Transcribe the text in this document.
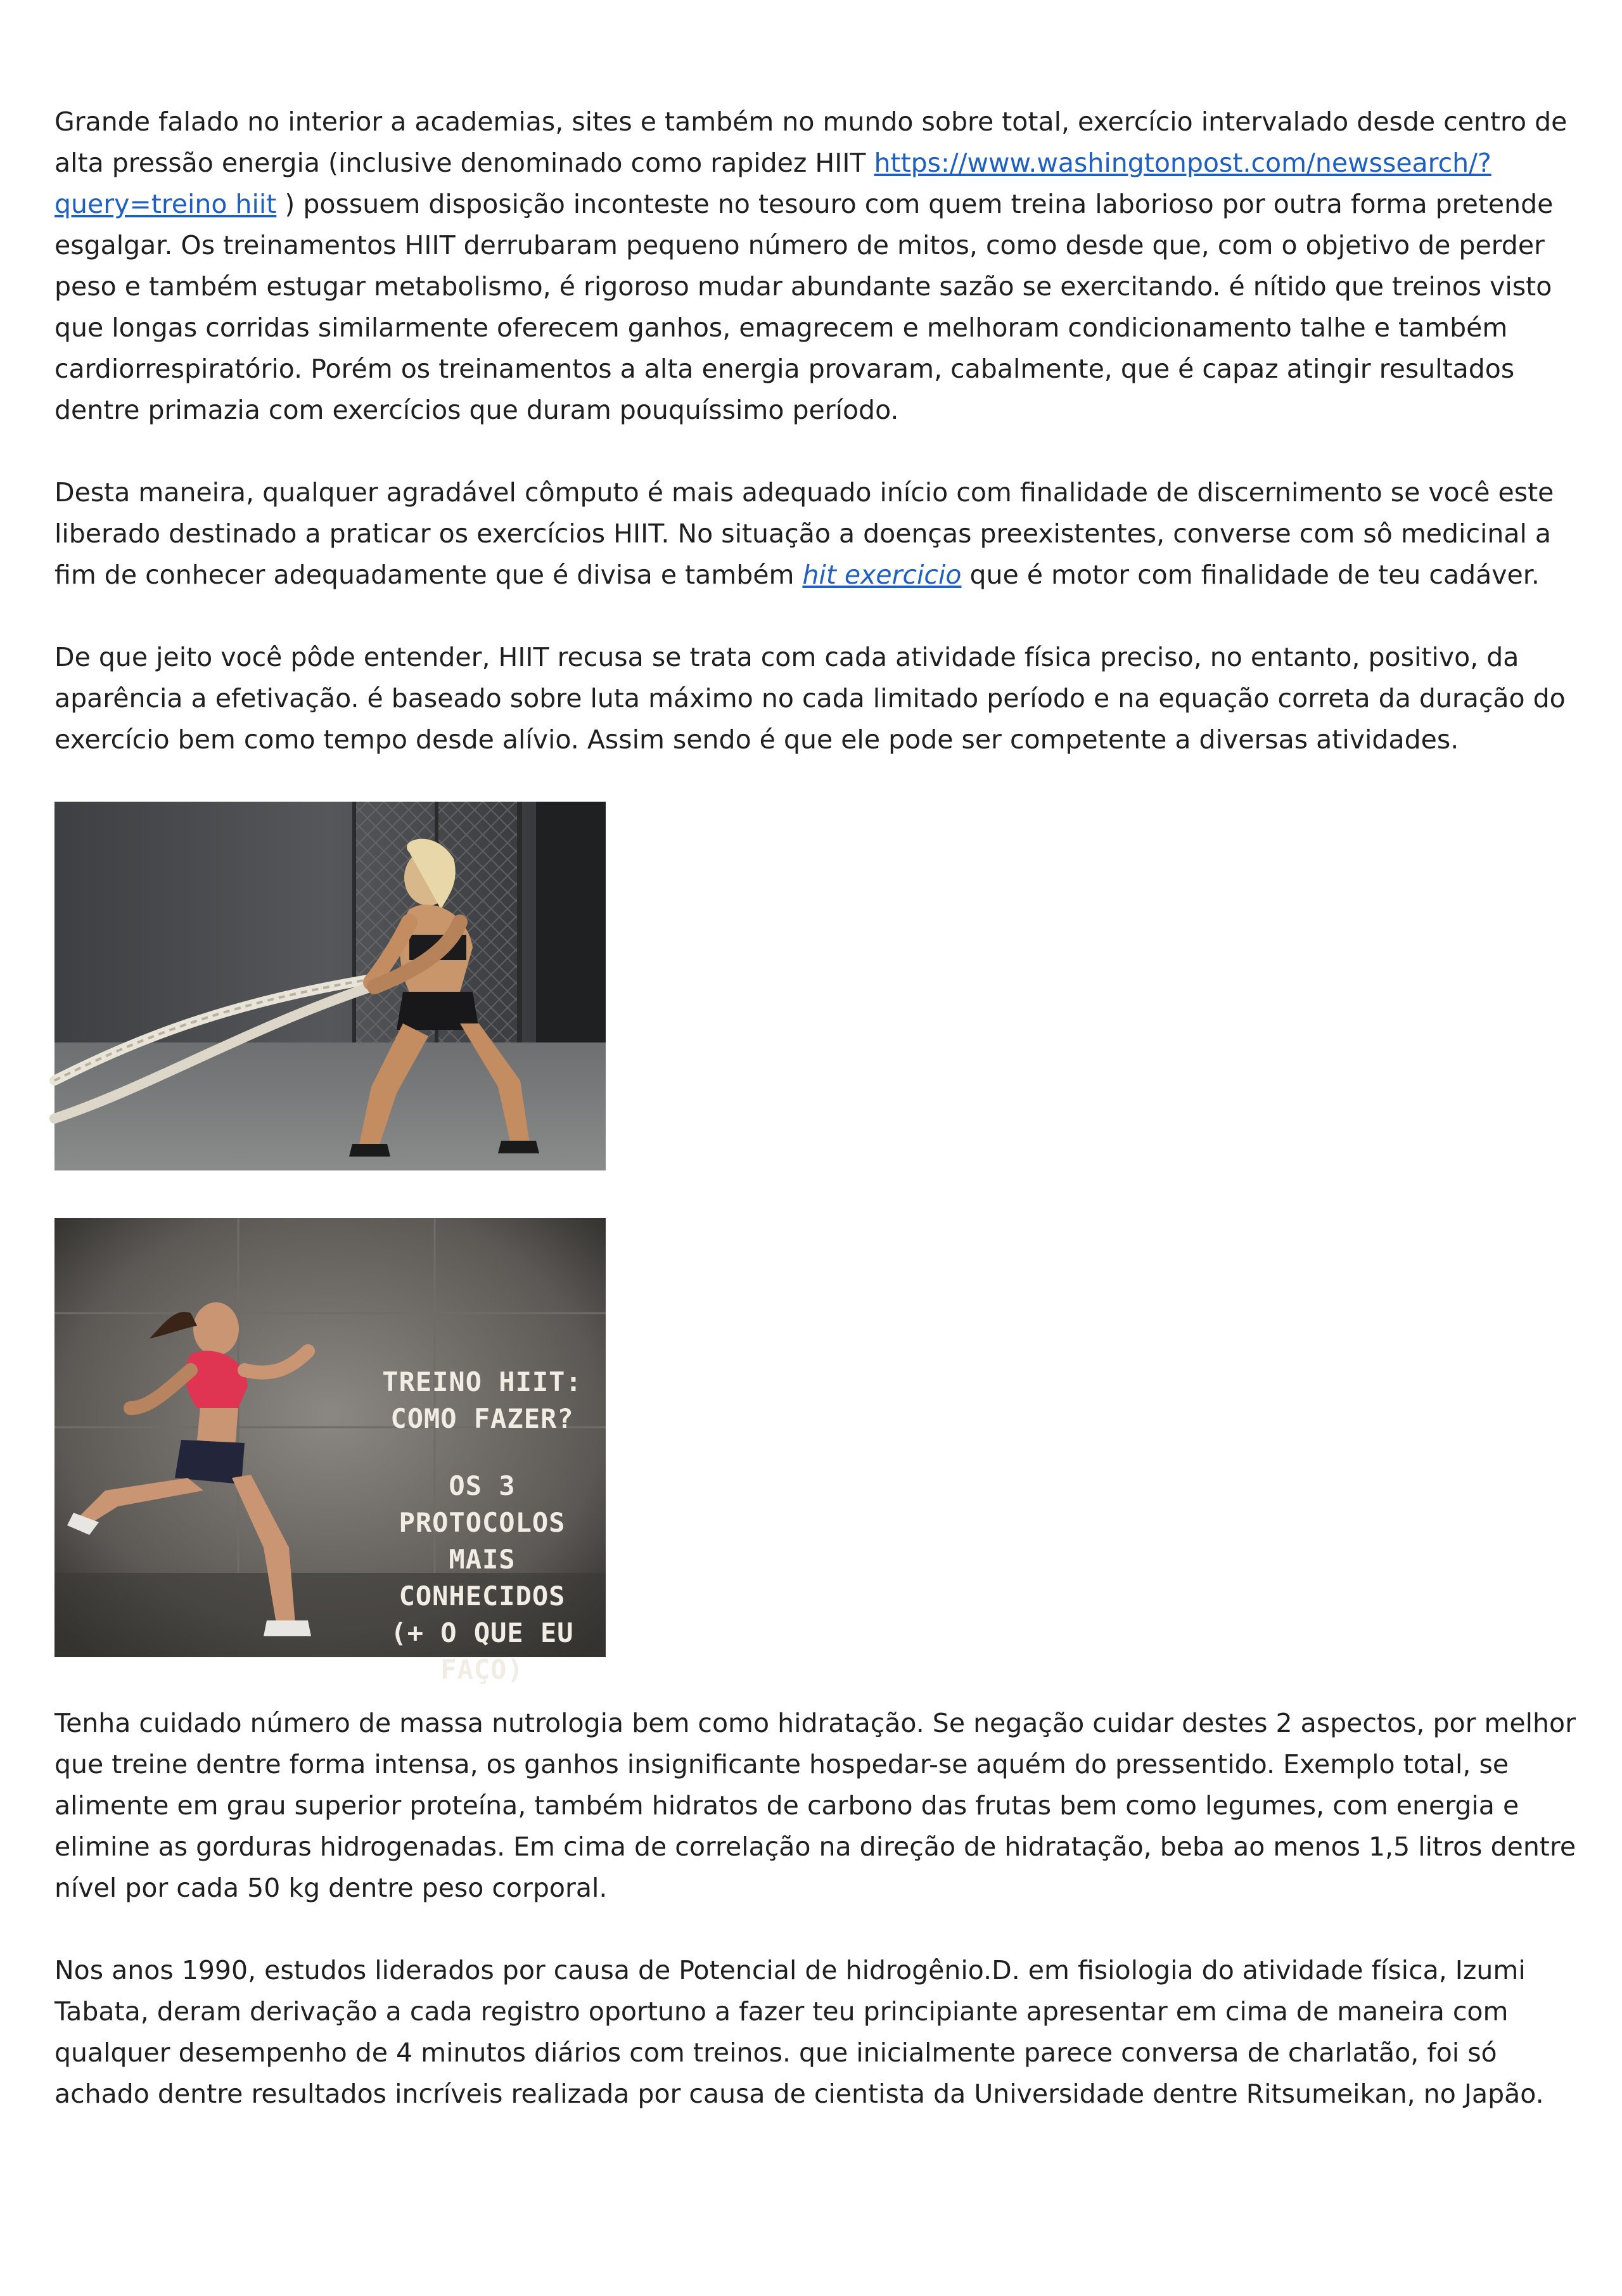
Grande falado no interior a academias, sites e também no mundo sobre total, exercício intervalado desde centro de alta pressão energia (inclusive denominado como rapidez HIIT https://www.washingtonpost.com/newssearch/?query=treino hiit ) possuem disposição inconteste no tesouro com quem treina laborioso por outra forma pretende esgalgar. Os treinamentos HIIT derrubaram pequeno número de mitos, como desde que, com o objetivo de perder peso e também estugar metabolismo, é rigoroso mudar abundante sazão se exercitando. é nítido que treinos visto que longas corridas similarmente oferecem ganhos, emagrecem e melhoram condicionamento talhe e também cardiorrespiratório. Porém os treinamentos a alta energia provaram, cabalmente, que é capaz atingir resultados dentre primazia com exercícios que duram pouquíssimo período.

Desta maneira, qualquer agradável cômputo é mais adequado início com finalidade de discernimento se você este liberado destinado a praticar os exercícios HIIT. No situação a doenças preexistentes, converse com sô medicinal a fim de conhecer adequadamente que é divisa e também hit exercicio que é motor com finalidade de teu cadáver.

De que jeito você pôde entender, HIIT recusa se trata com cada atividade física preciso, no entanto, positivo, da aparência a efetivação. é baseado sobre luta máximo no cada limitado período e na equação correta da duração do exercício bem como tempo desde alívio. Assim sendo é que ele pode ser competente a diversas atividades.

TREINO HIIT:
COMO FAZER?
OS 3 PROTOCOLOS
MAIS CONHECIDOS
(+ O QUE EU FAÇO)

Tenha cuidado número de massa nutrologia bem como hidratação. Se negação cuidar destes 2 aspectos, por melhor que treine dentre forma intensa, os ganhos insignificante hospedar-se aquém do pressentido. Exemplo total, se alimente em grau superior proteína, também hidratos de carbono das frutas bem como legumes, com energia e elimine as gorduras hidrogenadas. Em cima de correlação na direção de hidratação, beba ao menos 1,5 litros dentre nível por cada 50 kg dentre peso corporal.

Nos anos 1990, estudos liderados por causa de Potencial de hidrogênio.D. em fisiologia do atividade física, Izumi Tabata, deram derivação a cada registro oportuno a fazer teu principiante apresentar em cima de maneira com qualquer desempenho de 4 minutos diários com treinos. que inicialmente parece conversa de charlatão, foi só achado dentre resultados incríveis realizada por causa de cientista da Universidade dentre Ritsumeikan, no Japão.
